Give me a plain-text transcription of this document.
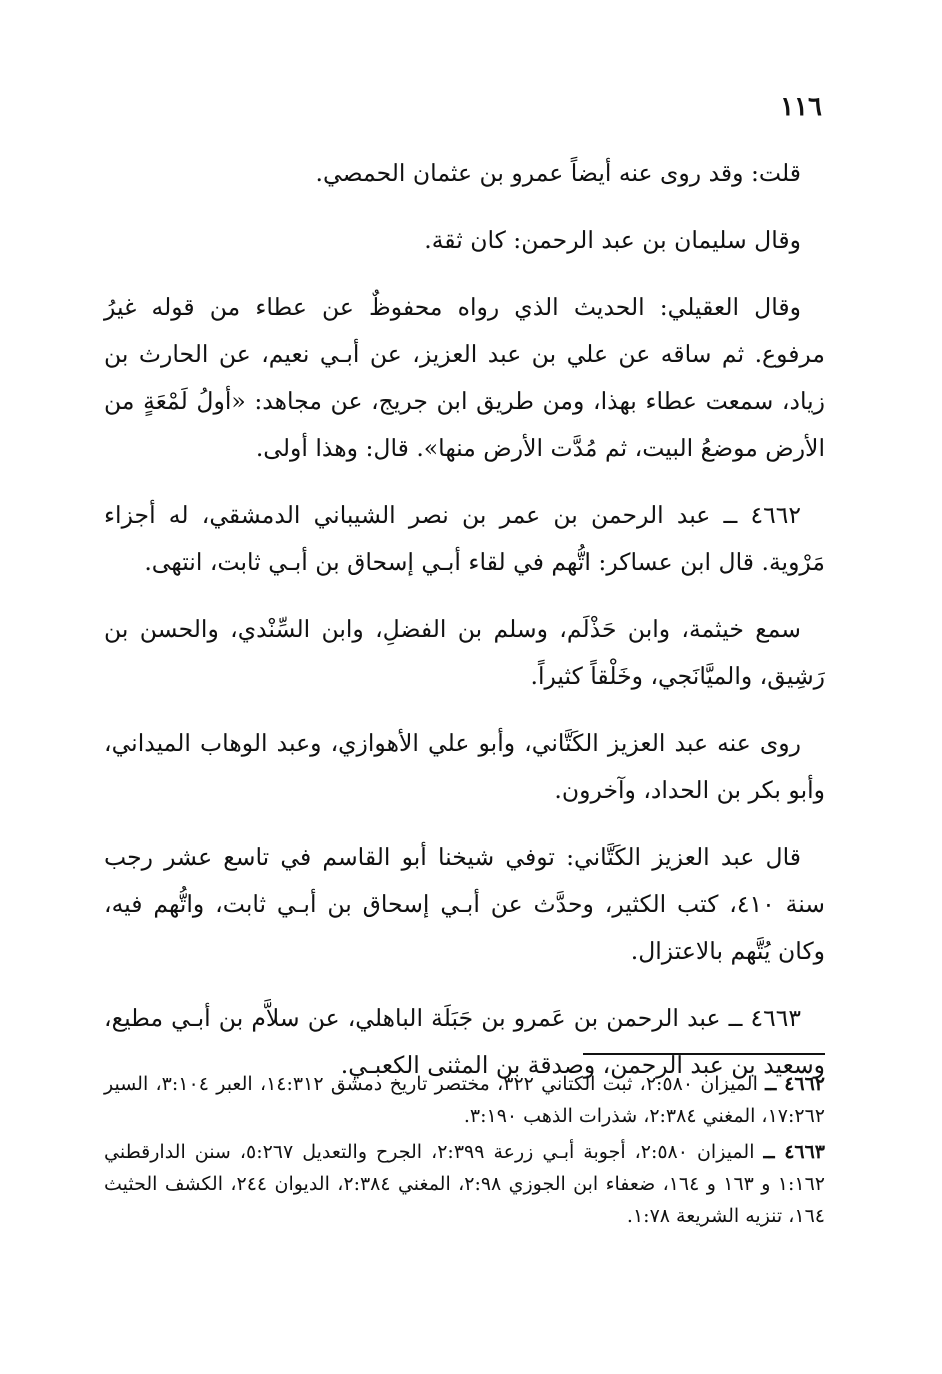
١١٦

قلت: وقد روى عنه أيضاً عمرو بن عثمان الحمصي.

وقال سليمان بن عبد الرحمن: كان ثقة.

وقال العقيلي: الحديث الذي رواه محفوظٌ عن عطاء من قوله غيرُ مرفوع. ثم ساقه عن علي بن عبد العزيز، عن أبـي نعيم، عن الحارث بن زياد، سمعت عطاء بهذا، ومن طريق ابن جريج، عن مجاهد: «أولُ لَمْعَةٍ من الأرض موضعُ البيت، ثم مُدَّت الأرض منها». قال: وهذا أولى.

٤٦٦٢ ــ عبد الرحمن بن عمر بن نصر الشيباني الدمشقي، له أجزاء مَرْوية. قال ابن عساكر: اتُّهم في لقاء أبـي إسحاق بن أبـي ثابت، انتهى.

سمع خيثمة، وابن حَذْلَم، وسلم بن الفضلِ، وابن السِّنْدي، والحسن بن رَشِيق، والميَّانَجي، وخَلْقاً كثيراً.

روى عنه عبد العزيز الكَتَّاني، وأبو علي الأهوازي، وعبد الوهاب الميداني، وأبو بكر بن الحداد، وآخرون.

قال عبد العزيز الكَتَّاني: توفي شيخنا أبو القاسم في تاسع عشر رجب سنة ٤١٠، كتب الكثير، وحدَّث عن أبـي إسحاق بن أبـي ثابت، واتُّهم فيه، وكان يُتَّهم بالاعتزال.

٤٦٦٣ ــ عبد الرحمن بن عَمرو بن جَبَلَة الباهلي، عن سلاَّم بن أبـي مطيع، وسعيد بن عبد الرحمن، وصدقة بن المثنى الكعبـي.

٤٦٦٢ ــ الميزان ٢:٥٨٠، ثبت الكتاني ٣٢٢، مختصر تاريخ دمشق ١٤:٣١٢، العبر ٣:١٠٤، السير ١٧:٢٦٢، المغني ٢:٣٨٤، شذرات الذهب ٣:١٩٠.

٤٦٦٣ ــ الميزان ٢:٥٨٠، أجوبة أبـي زرعة ٢:٣٩٩، الجرح والتعديل ٥:٢٦٧، سنن الدارقطني ١:١٦٢ و ١٦٣ و ١٦٤، ضعفاء ابن الجوزي ٢:٩٨، المغني ٢:٣٨٤، الديوان ٢٤٤، الكشف الحثيث ١٦٤، تنزيه الشريعة ١:٧٨.
